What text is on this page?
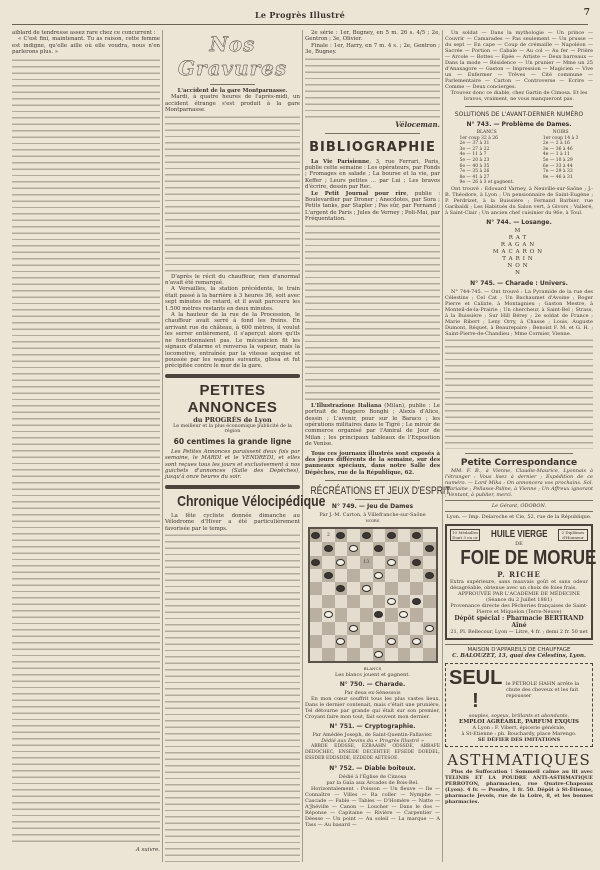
Le Progrès Illustré	7

aiblard de tendresse assez rare chez ce concurrent :

« C'est fini, maintenant. Tu as raison, cette femme est indigne, qu'elle aille où elle voudra, nous n'en parlerons plus. »

A suivre.

Nos Gravures

L'accident de la gare Montparnasse.

Mardi, à quatre heures de l'après-midi, un accident étrange s'est produit à la gare Montparnasse.

D'après le récit du chauffeur, rien d'anormal n'avait été remarqué.

A Versailles, la station précédente, le train était passé à la barrière à 3 heures 36, soit avec sept minutes de retard, et il avait parcouru les 1.500 mètres restants en deux minutes.

A la hauteur de la rue de la Procession, le chauffeur avait serré à fond les freins. En arrivant rue du château, à 600 mètres, il voulut les serrer entièrement, il s'aperçut alors qu'ils ne fonctionnaient pas. Le mécanicien fit les signaux d'alarme et renversa la vapeur, mais la locomotive, entraînée par la vitesse acquise et poussée par les wagons suivants, glissa et fut précipitée contre le mur de la gare.

PETITES ANNONCES
du PROGRÈS de Lyon
Le meilleur et la plus économique publicité de la région
60 centimes la grande ligne

Les Petites Annonces paraissent deux fois par semaine, le MARDI et le VENDREDI, et elles sont reçues tous les jours et exclusivement à nos guichets d'annonces (Salle des Dépêches), jusqu'à onze heures du soir.

Chronique Vélocipédique

La fête cycliste donnée dimanche au Vélodrome d'Hiver a été particulièrement favorisée par le temps.

2e série : 1er, Bugney, en 5 m. 26 s. 4/5 ; 2e, Gentron ; 3e, Olivier.

Finale : 1er, Harry, en 7 m. 4 s. ; 2e, Gentron ; 3e, Bugney.

Véloceman.
BIBLIOGRAPHIE

La Vie Parisienne, 3, rue Ferrari, Paris, publie cette semaine : Les opérateurs, par Fonds ; Fromages en salade ; La bourse et la vie, par Keffer ; Leurs petites ... par Lui ; Les bravos d'écrire, dessin par Rec.

Le Petit Journal pour rire, publie : Boulevardier par Droner ; Anecdotes, par Sora ; Petits tanks, par Stapler ; Pas sûr, par Fernand ; L'argent de Paris ; Jules de Verney ; Poli-Mai, par Fréquentation.

L'Illustrazione Italiana (Milan), publie : Le portrait de Ruggero Bonghi ; Alexis d'Alice, dessin ; L'avenir, pour sur le Baraco ; les opérations militaires dans le Tigré ; Le miroir de commerce organisé par l'Amiral de Jour de Milan ; les principaux tableaux de l'Exposition de Venise.

Tous ces journaux illustrés sont exposés à des jours différents de la semaine, sur des panneaux spéciaux, dans notre Salle des Dépêches, rue de la République, 62.

RÉCRÉATIONS ET JEUX D'ESPRIT
N° 749. — Jeu de Dames
Par J.-M. Carton, à Villefranche-sur-Saône
NOIRS
2
13
BLANCS
Les blancs jouent et gagnent.
N° 750. — Charade.
Par deux ex-Sénessois

En mon cœur souffrit tous les plus vastes lieux, Dans le dernier contenait, mais c'était une prunière, Tel détourne par grande qui était sur son premier, Croyant faire mon tout, fait souvent mon dernier.

N° 751. — Cryptographie.
Par Amédée Joseph, de Saint-Quentin-Fallavier.
Dédié aux Devins du « Progrès Illustré »

ABBDE EDDSSE, EZBAAHN ODSSDE, ABBAFE DEDOCHEC, ENSEDE DECEHTEF, EFSEDE DOEDEL, ESSDEB EDDSDDE, EZDEDE AETESOE.

N° 752. — Diable boiteux.
Dédié à l'Église de Cimosa
par la Gaïa aux Arcades de Bois-Bel.

Horizontalement : Poisson — Un fleuve — Ile — Connaître — Villes — Ra coller — Nymphe — Cascade — Fable — Tables — D'Homère — Natte — A'Jhéville — Canon — Loucher — Dans le dos — Réponse — Capitaine — Rivière — Carpentier — Déesse — Un point — Au soleil — La marque — A Tass — Au hasard —

Un soldat — Dans la mythologie — Un prince — Couvrir — Camarades — Pas seulement — Un prusse — du sept — En cape — Coup de crémaille — Napoléon — Sacrée — Portion — Cabale — Au col — Au fer — Prière — Arcole — Bottes — Epée — Artiste — Deux barreaux — Dans la mode — Résidence — Un prunier — Mme un 25 d'Anaxagore — Gaston — Impression — Magicien — Vive un — Enfermer — Trêves — Cité commune — Parlementaire — Carton — Controverse — Ecrire — Comme — Deux concierges.

Trouvez donc ce diable, chez Gartin de Cimosa. Et les bravos, vraiment, ne vous manqueront pas.

SOLUTIONS DE L'AVANT-DERNIER NUMÉRO
N° 743. — Problème de Dames.
BLANCS
1er coup 32 à 26
2e — 37 à 31
3e — 27 à 22
4e — 11 à 7
5e — 20 à 23
6e — 40 à 35
7e — 35 à 26
8e — 41 à 27
9e — 26 à 3 et gagnent.
NOIRS
1er coup 14 à 3
2e — 2 à 16
3e — 36 à 46
4e — 1 à 11
5e — 10 à 29
6e — 33 à 44
7e — 29 à 33
8e — 46 à 31

Ont trouvé : Edouard Varney, à Neuville-sur-Saône ; J.-B. Théodore, à Lyon ; Un pensionnaire de Saint-Eugène ; P. Perdrizet, à la Buissière ; Fernand Barbier, rue Garibaldi ; Les Habitués du Salon vert, à Givors ; Valleré, à Saint-Clair ; Un ancien chef cuisinier du 96e, à Toul.

N° 744. — Losange.
M
RAT
RAGAN
MACARON
TARIN
NON
N
N° 745. — Charade : Univers.

N° 744-745. — Ont trouvé : La Pyramide de la rue des Célestins ; Cel Cat ; Un Bachaumet d'Avoine ; Roger Pierre et Calixte, à Montagnieu ; Gaston Mestre, à Monteil-de-la-Prairie ; Un chercheur, à Saint-Bel ; Strass, à la Buissière ; Sur Hill Bérey ; 2e soldat de France ; Marie Ribert ; Leny Orry, à Chasse ; Louis, Auguste Dumont, Réquet, à Beaurepaire ; Benoist F. M. et G. H. ; Saint-Pierre-de-Chandieu ; Mme Cormier, Vienne.

Petite Correspondance

MM. F. B., à Vienne, Claudie-Maurice, Lyonnais à l'étranger : Vous lisez à dernier ; Expédition de ce numéro. — Lord Mika : On annoncera vos prochains. Sol. Mariaine ; Pellasse-Paline, à Vienne ; Un Affreux ignorant ; Ventant, à publier, merci.

Le Gérant, ODOBON.
Lyon. — Imp. Delaroche et Cie, 52, rue de la République.
10 Médailles Dont 3 en or HUILE VIERGE	2 Diplômes d'Honneur
DE
FOIE DE MORUE
P. RICHE

Extra supérieure, sans mauvais goût et sans odeur désagréable, obtenue avec un choix de foies frais.

APPROUVÉE PAR L'ACADÉMIE DE MÉDECINE
(Séance du 2 Juillet 1881)
Provenance directe des Pêcheries françaises de Saint-Pierre et Miquelon (Terre-Neuve)
Dépôt spécial : Pharmacie BERTRAND Aîné
21, Pl. Bellecour, Lyon — Litre, 4 fr. ; demi 2 fr. 50 net
MAISON D'APPAREILS DE CHAUFFAGE
C. BALOUZET, 13, quai des Célestins, Lyon.
SEUL !
le PÉTROLE HAHN arrête la chute des cheveux et les fait repousser
souples, soyeux, brillants et abondants.
EMPLOI AGRÉABLE, PARFUM EXQUIS
A Lyon : F. Vibert, épicerie générale,
à St-Etienne : ph. Bouchardy, place Marengo.
SE DÉFIER DES IMITATIONS
ASTHMATIQUES

Plus de Suffocation ! Sommeil calme au lit avec TELINIS ET LA POUDRE ANTI-ASTHMATIQUE PERROTON, pharmacien, rue Quatre-Chapeaux (Lyon). 4 fr. — Poudre, 1 fr. 50. Dépôt à St-Étienne, pharmacie Jevols, rue de la Loire, 8, et les bonnes pharmacies.
